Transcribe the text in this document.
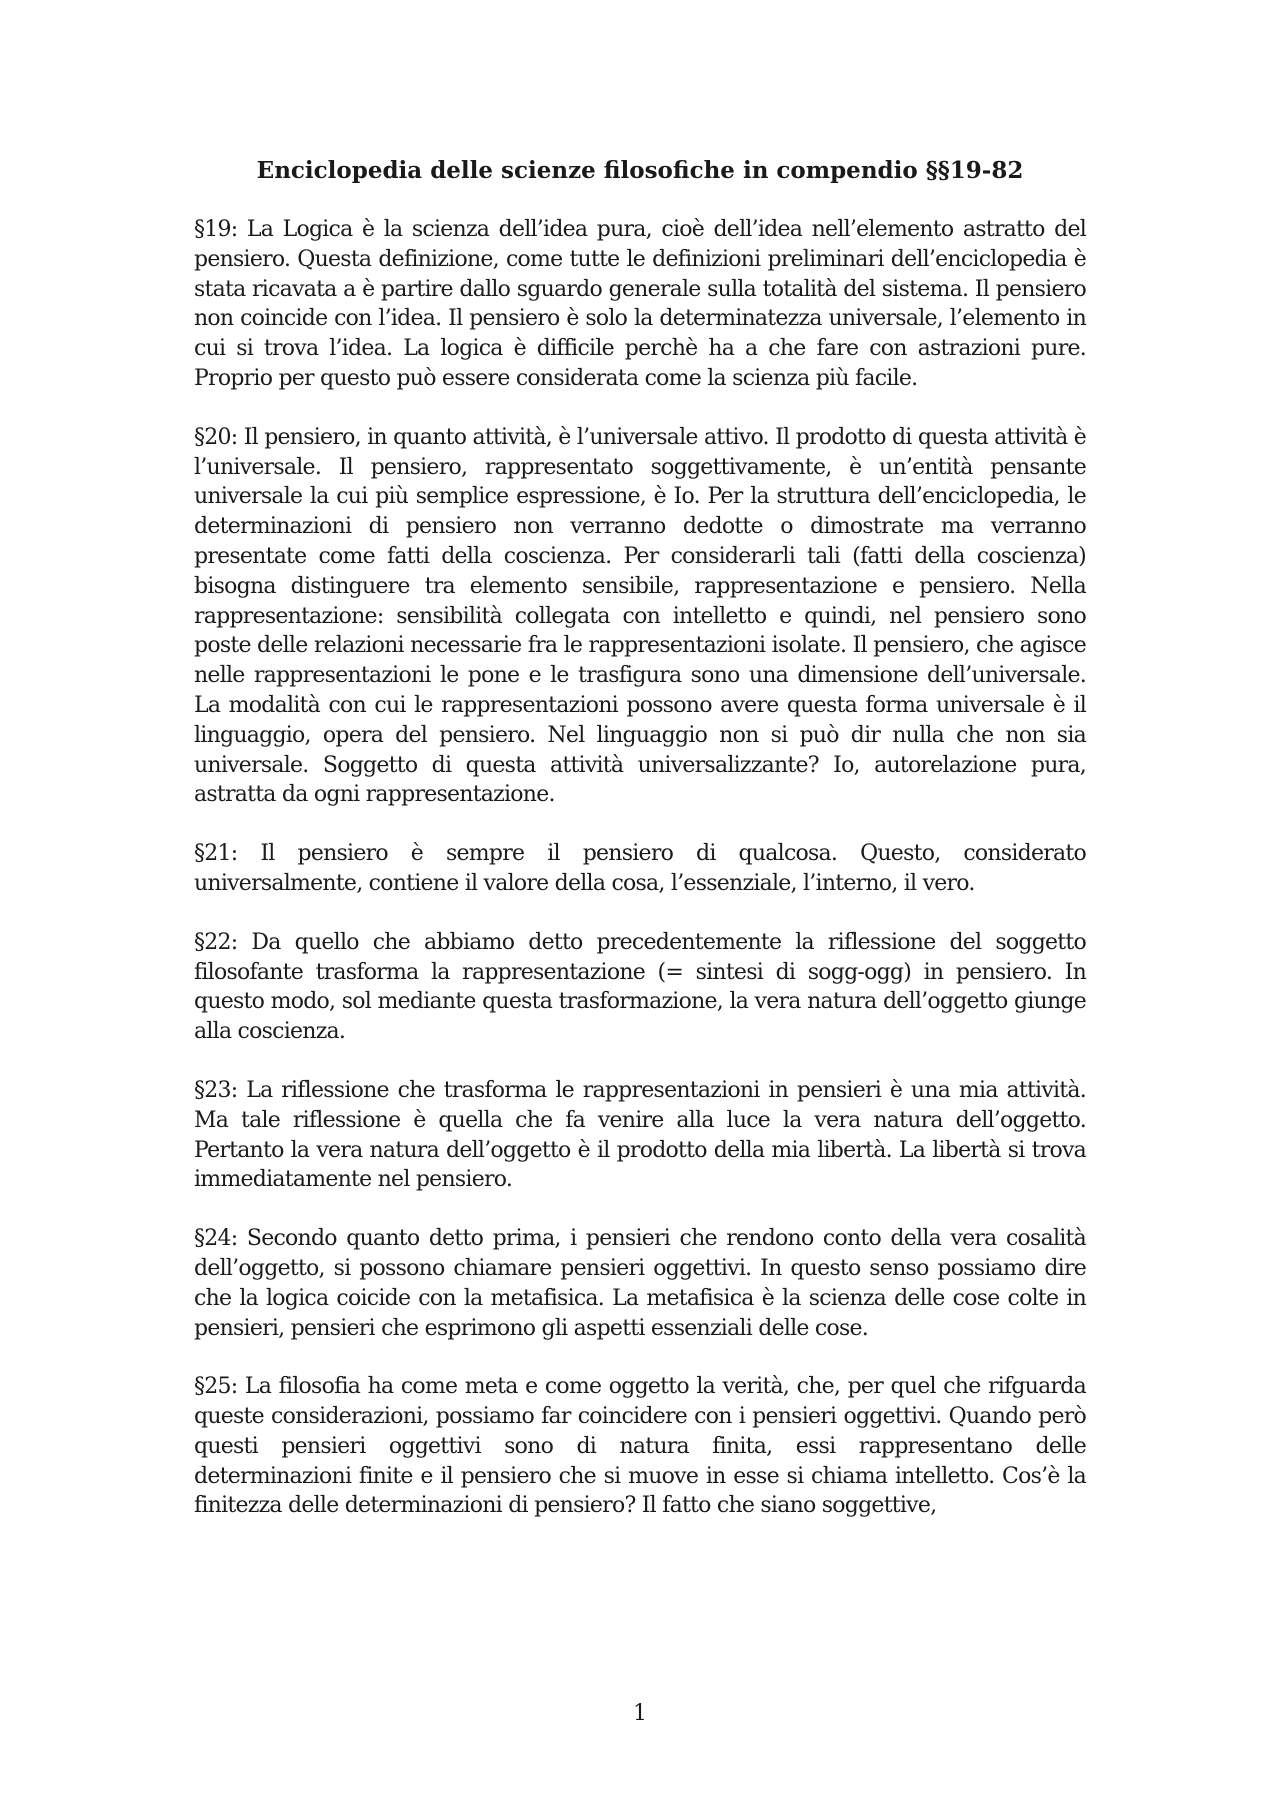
Enciclopedia delle scienze filosofiche in compendio §§19-82

§19: La Logica è la scienza dell’idea pura, cioè dell’idea nell’elemento astratto del pensiero. Questa definizione, come tutte le definizioni preliminari dell’enciclopedia è stata ricavata a è partire dallo sguardo generale sulla totalità del sistema. Il pensiero non coincide con l’idea. Il pensiero è solo la determinatezza universale, l’elemento in cui si trova l’idea. La logica è difficile perchè ha a che fare con astrazioni pure. Proprio per questo può essere considerata come la scienza più facile.

§20: Il pensiero, in quanto attività, è l’universale attivo. Il prodotto di questa attività è l’universale. Il pensiero, rappresentato soggettivamente, è un’entità pensante universale la cui più semplice espressione, è Io. Per la struttura dell’enciclopedia, le determinazioni di pensiero non verranno dedotte o dimostrate ma verranno presentate come fatti della coscienza. Per considerarli tali (fatti della coscienza) bisogna distinguere tra elemento sensibile, rappresentazione e pensiero. Nella rappresentazione: sensibilità collegata con intelletto e quindi, nel pensiero sono poste delle relazioni necessarie fra le rappresentazioni isolate. Il pensiero, che agisce nelle rappresentazioni le pone e le trasfigura sono una dimensione dell’universale. La modalità con cui le rappresentazioni possono avere questa forma universale è il linguaggio, opera del pensiero. Nel linguaggio non si può dir nulla che non sia universale. Soggetto di questa attività universalizzante? Io, autorelazione pura, astratta da ogni rappresentazione.

§21: Il pensiero è sempre il pensiero di qualcosa. Questo, considerato universalmente, contiene il valore della cosa, l’essenziale, l’interno, il vero.

§22: Da quello che abbiamo detto precedentemente la riflessione del soggetto filosofante trasforma la rappresentazione (= sintesi di sogg-ogg) in pensiero. In questo modo, sol mediante questa trasformazione, la vera natura dell’oggetto giunge alla coscienza.

§23: La riflessione che trasforma le rappresentazioni in pensieri è una mia attività. Ma tale riflessione è quella che fa venire alla luce la vera natura dell’oggetto. Pertanto la vera natura dell’oggetto è il prodotto della mia libertà. La libertà si trova immediatamente nel pensiero.

§24: Secondo quanto detto prima, i pensieri che rendono conto della vera cosalità dell’oggetto, si possono chiamare pensieri oggettivi. In questo senso possiamo dire che la logica coicide con la metafisica. La metafisica è la scienza delle cose colte in pensieri, pensieri che esprimono gli aspetti essenziali delle cose.

§25: La filosofia ha come meta e come oggetto la verità, che, per quel che rifguarda queste considerazioni, possiamo far coincidere con i pensieri oggettivi. Quando però questi pensieri oggettivi sono di natura finita, essi rappresentano delle determinazioni finite e il pensiero che si muove in esse si chiama intelletto. Cos’è la finitezza delle determinazioni di pensiero? Il fatto che siano soggettive,

1
